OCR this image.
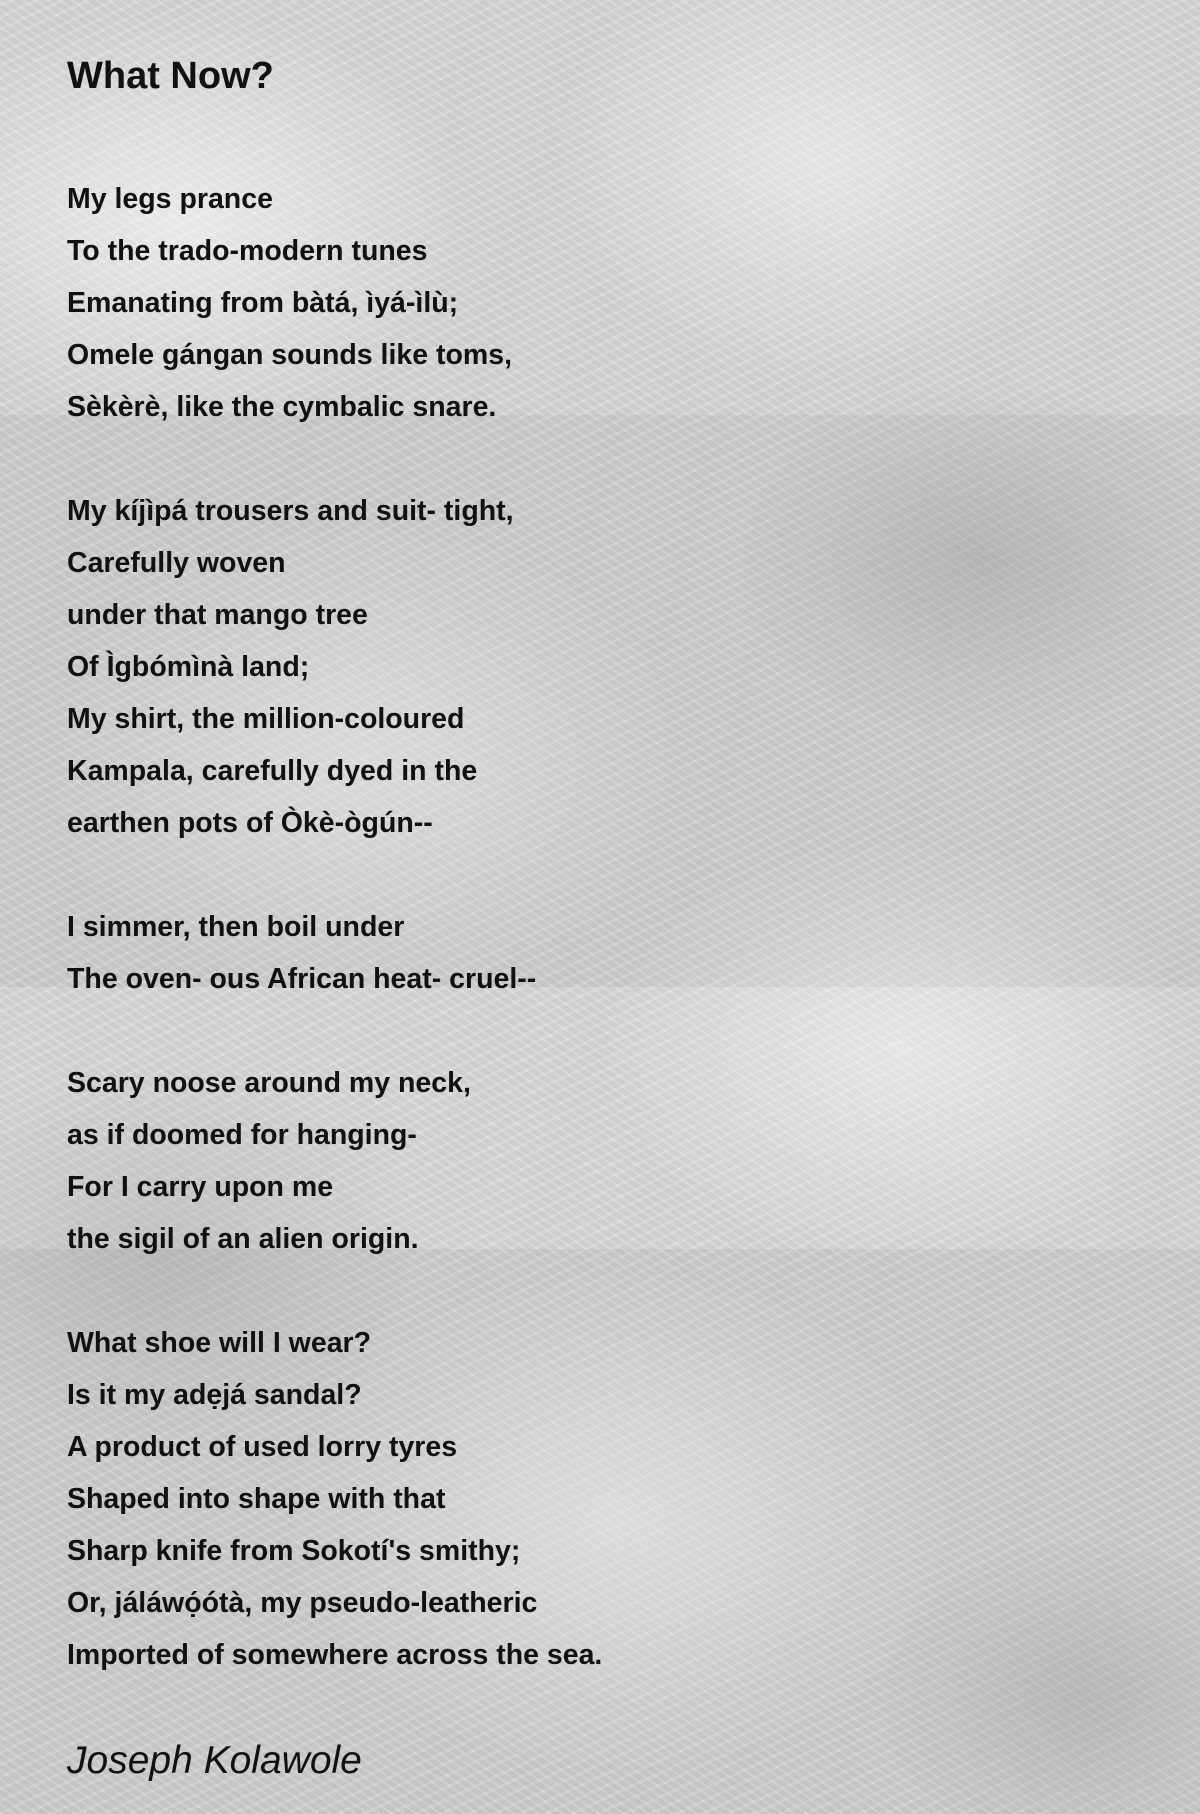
What Now?
My legs prance
To the trado-modern tunes
Emanating from bàtá, ìyá-ìlù;
Omele gángan sounds like toms,
Sèkèrè, like the cymbalic snare.
My kíjìpá trousers and suit- tight,
Carefully woven
under that mango tree
Of Ìgbómìnà land;
My shirt, the million-coloured
Kampala, carefully dyed in the
earthen pots of Òkè-ògún--
I simmer, then boil under
The oven- ous African heat- cruel--
Scary noose around my neck,
as if doomed for hanging-
For I carry upon me
the sigil of an alien origin.
What shoe will I wear?
Is it my adẹjá sandal?
A product of used lorry tyres
Shaped into shape with that
Sharp knife from Sokotí's smithy;
Or, jáláwọ́ótà, my pseudo-leatheric
Imported of somewhere across the sea.
Joseph Kolawole
